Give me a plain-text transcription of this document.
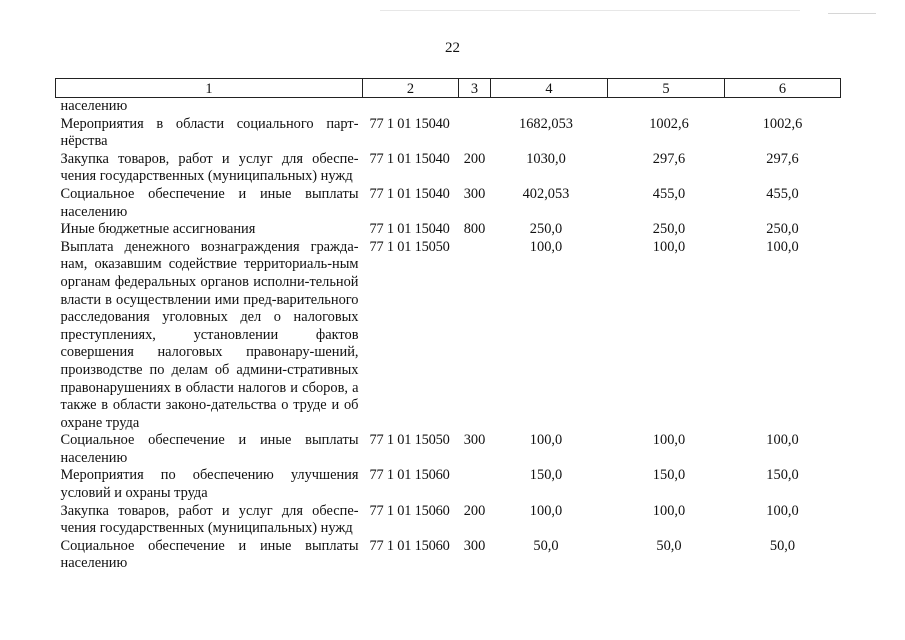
22
1	2	3	4	5	6
населению					
Мероприятия в области социального парт-нёрства	77 1 01 15040		1682,053	1002,6	1002,6
Закупка товаров, работ и услуг для обеспе-чения государственных (муниципальных) нужд	77 1 01 15040	200	1030,0	297,6	297,6
Социальное обеспечение и иные выплаты населению	77 1 01 15040	300	402,053	455,0	455,0
Иные бюджетные ассигнования	77 1 01 15040	800	250,0	250,0	250,0
Выплата денежного вознаграждения гражда-нам, оказавшим содействие территориаль-ным органам федеральных органов исполни-тельной власти в осуществлении ими пред-варительного расследования уголовных дел о налоговых преступлениях, установлении фактов совершения налоговых правонару-шений, производстве по делам об админи-стративных правонарушениях в области налогов и сборов, а также в области законо-дательства о труде и об охране труда	77 1 01 15050		100,0	100,0	100,0
Социальное обеспечение и иные выплаты населению	77 1 01 15050	300	100,0	100,0	100,0
Мероприятия по обеспечению улучшения условий и охраны труда	77 1 01 15060		150,0	150,0	150,0
Закупка товаров, работ и услуг для обеспе-чения государственных (муниципальных) нужд	77 1 01 15060	200	100,0	100,0	100,0
Социальное обеспечение и иные выплаты населению	77 1 01 15060	300	50,0	50,0	50,0
